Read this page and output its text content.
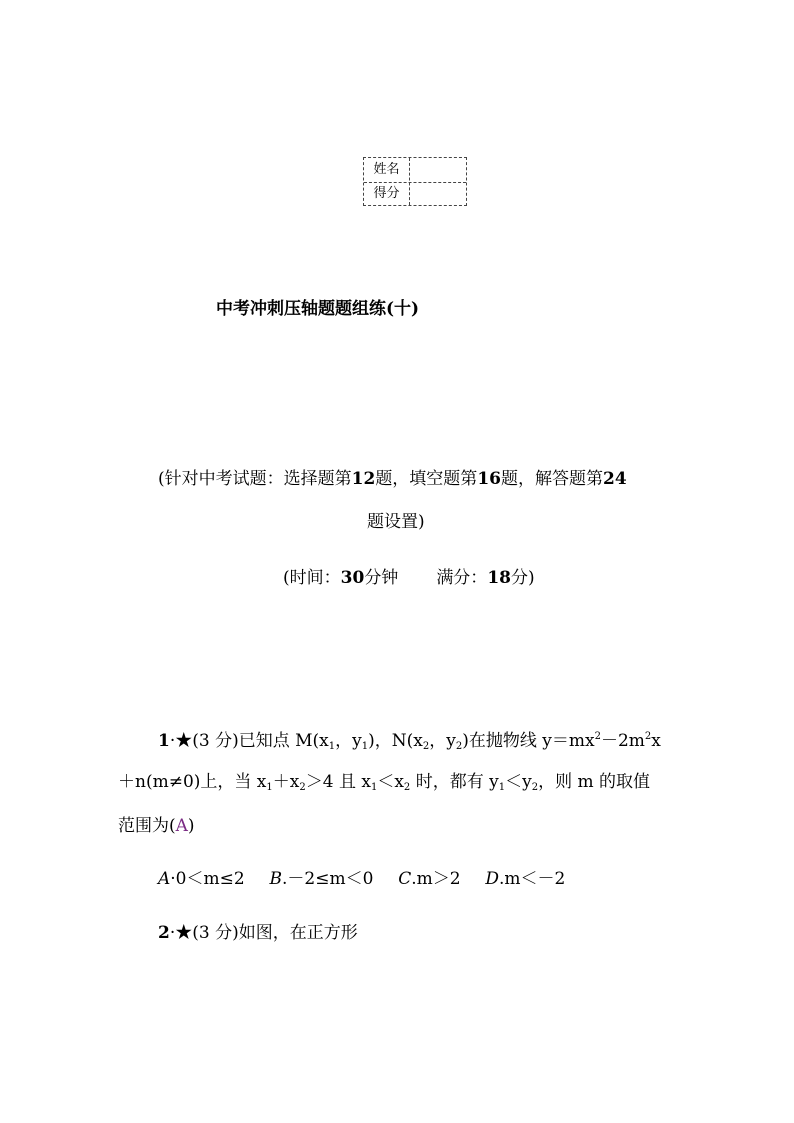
姓名
得分
中考冲刺压轴题题组练(十)
(针对中考试题：选择题第12题，填空题第16题，解答题第24
题设置)
(时间：30分钟 满分：18分)
1·★(3 分)已知点 $M(x_1$，$y_1$)，$N(x_2$，$y_2$)在抛物线 $y=mx^2-2m^2x$
＋n(m≠0)上，当 $x_1+x_2>4$ 且 $x_1<x_2$ 时，都有 $y_1<y_2$，则 m 的取值
范围为(A)
A·0＜m≤2 B.－2≤m＜0 C.m＞2 D.m＜－2
2·★(3 分)如图，在正方形
